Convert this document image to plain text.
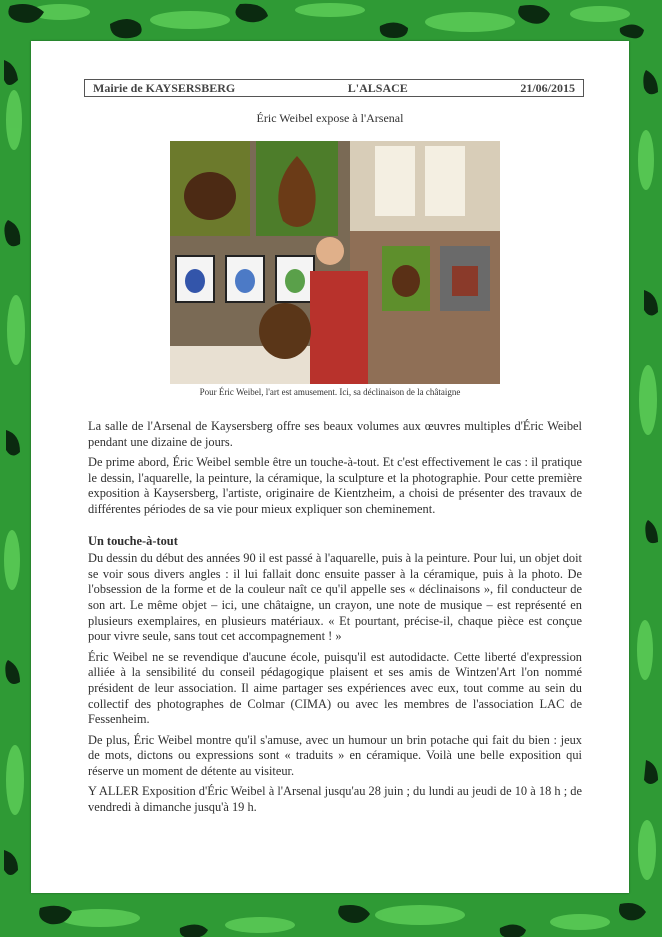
Mairie de KAYSERSBERG	L'ALSACE	21/06/2015
Éric Weibel expose à l'Arsenal
Pour Éric Weibel, l'art est amusement. Ici, sa déclinaison de la châtaigne

La salle de l'Arsenal de Kaysersberg offre ses beaux volumes aux œuvres multiples d'Éric Weibel pendant une dizaine de jours.

De prime abord, Éric Weibel semble être un touche-à-tout. Et c'est effectivement le cas : il pratique le dessin, l'aquarelle, la peinture, la céramique, la sculpture et la photographie. Pour cette première exposition à Kaysersberg, l'artiste, originaire de Kientzheim, a choisi de présenter des travaux de différentes périodes de sa vie pour mieux expliquer son cheminement.

Un touche-à-tout

Du dessin du début des années 90 il est passé à l'aquarelle, puis à la peinture. Pour lui, un objet doit se voir sous divers angles : il lui fallait donc ensuite passer à la céramique, puis à la photo. De l'obsession de la forme et de la couleur naît ce qu'il appelle ses « déclinaisons », fil conducteur de son art. Le même objet – ici, une châtaigne, un crayon, une note de musique – est représenté en plusieurs exemplaires, en plusieurs matériaux. « Et pourtant, précise-il, chaque pièce est conçue pour vivre seule, sans tout cet accompagnement ! »

Éric Weibel ne se revendique d'aucune école, puisqu'il est autodidacte. Cette liberté d'expression alliée à la sensibilité du conseil pédagogique plaisent et ses amis de Wintzen'Art l'on nommé président de leur association. Il aime partager ses expériences avec eux, tout comme au sein du collectif des photographes de Colmar (CIMA) ou avec les membres de l'association LAC de Fessenheim.

De plus, Éric Weibel montre qu'il s'amuse, avec un humour un brin potache qui fait du bien : jeux de mots, dictons ou expressions sont « traduits » en céramique. Voilà une belle exposition qui réserve un moment de détente au visiteur.

Y ALLER Exposition d'Éric Weibel à l'Arsenal jusqu'au 28 juin ; du lundi au jeudi de 10 à 18 h ; de vendredi à dimanche jusqu'à 19 h.
